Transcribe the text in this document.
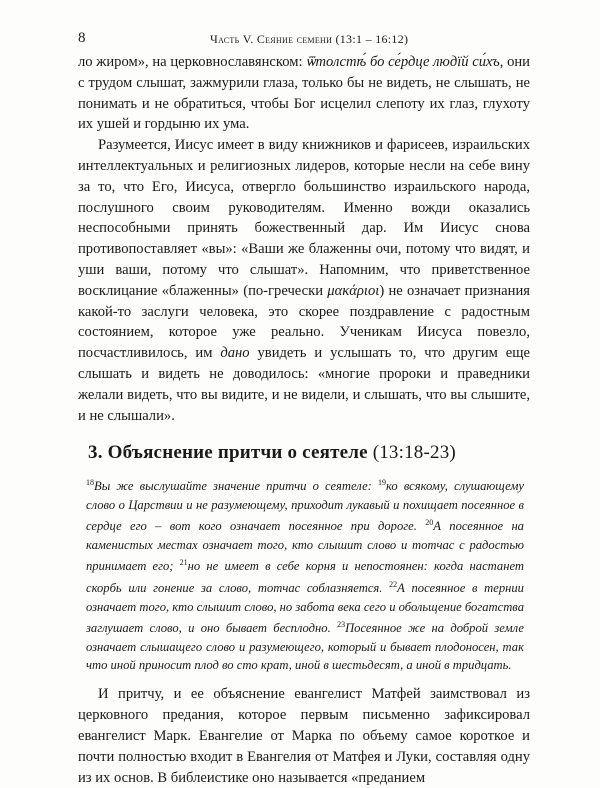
8	Часть V. Сеяние семени (13:1 – 16:12)

ло жиром», на церковнославянском: ѿтолстѣ́ бо се́рдце людїй си́хъ, они с трудом слышат, зажмурили глаза, только бы не видеть, не слышать, не понимать и не обратиться, чтобы Бог исцелил слепоту их глаз, глухоту их ушей и гордыню их ума.

Разумеется, Иисус имеет в виду книжников и фарисеев, израильских интеллектуальных и религиозных лидеров, которые несли на себе вину за то, что Его, Иисуса, отвергло большинство израильского народа, послушного своим руководителям. Именно вожди оказались неспособными принять божественный дар. Им Иисус снова противопоставляет «вы»: «Ваши же блаженны очи, потому что видят, и уши ваши, потому что слышат». Напомним, что приветственное восклицание «блаженны» (по-гречески μακάριοι) не означает признания какой-то заслуги человека, это скорее поздравление с радостным состоянием, которое уже реально. Ученикам Иисуса повезло, посчастливилось, им дано увидеть и услышать то, что другим еще слышать и видеть не доводилось: «многие пророки и праведники желали видеть, что вы видите, и не видели, и слышать, что вы слышите, и не слышали».

3. Объяснение притчи о сеятеле (13:18-23)
$^{18}$Вы же выслушайте значение притчи о сеятеле: $^{19}$ко всякому, слушающему слово о Царствии и не разумеющему, приходит лукавый и похищает посеянное в сердце его – вот кого означает посеянное при дороге. $^{20}$А посеянное на каменистых местах означает того, кто слышит слово и тотчас с радостью принимает его; $^{21}$но не имеет в себе корня и непостоянен: когда настанет скорбь или гонение за слово, тотчас соблазняется. $^{22}$А посеянное в тернии означает того, кто слышит слово, но забота века сего и обольщение богатства заглушает слово, и оно бывает бесплодно. $^{23}$Посеянное же на доброй земле означает слышащего слово и разумеющего, который и бывает плодоносен, так что иной приносит плод во сто крат, иной в шестьдесят, а иной в тридцать.

И притчу, и ее объяснение евангелист Матфей заимствовал из церковного предания, которое первым письменно зафиксировал евангелист Марк. Евангелие от Марка по объему самое короткое и почти полностью входит в Евангелия от Матфея и Луки, составляя одну из их основ. В библеистике оно называется «преданием
